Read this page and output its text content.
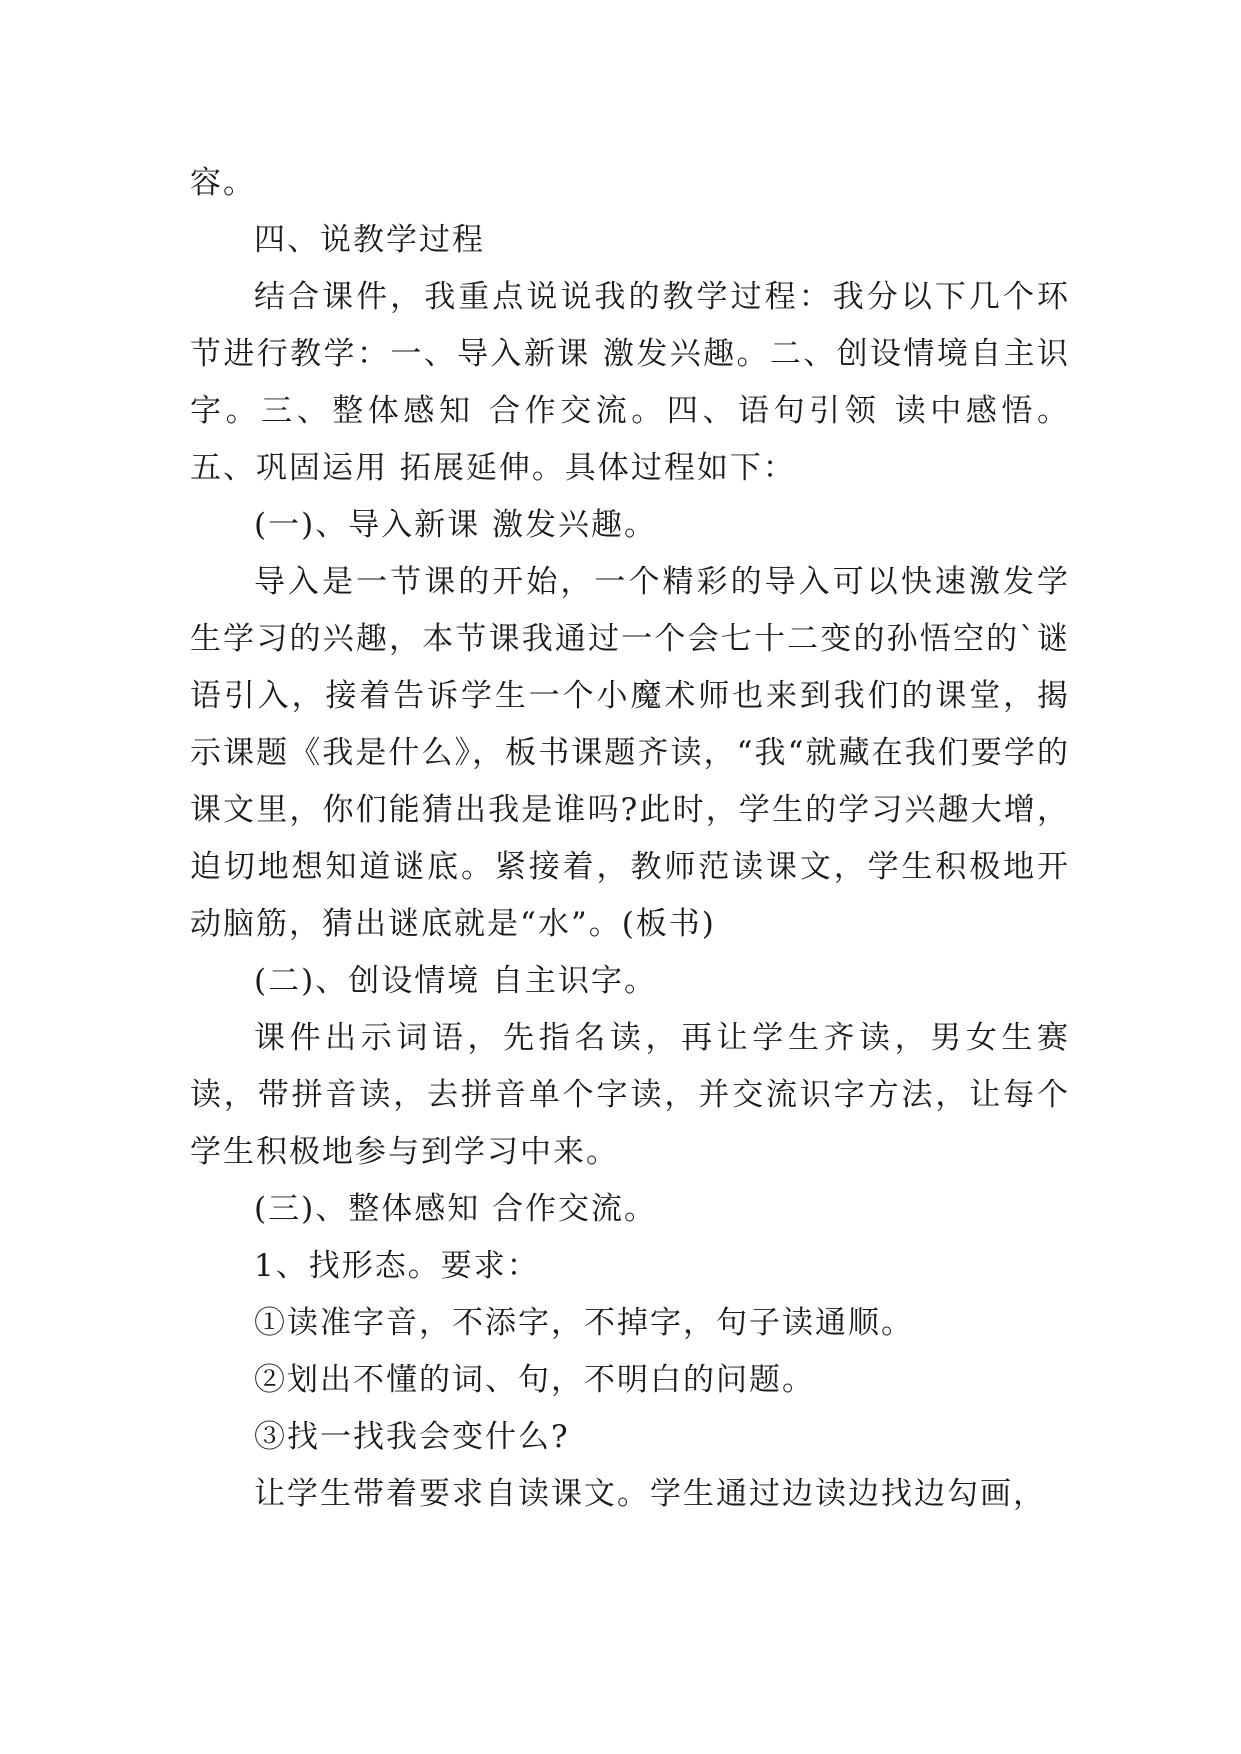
容。

四、说教学过程

结合课件，我重点说说我的教学过程：我分以下几个环节进行教学：一、导入新课 激发兴趣。二、创设情境自主识字。三、整体感知 合作交流。四、语句引领 读中感悟。五、巩固运用 拓展延伸。具体过程如下：

(一)、导入新课 激发兴趣。

导入是一节课的开始，一个精彩的导入可以快速激发学生学习的兴趣，本节课我通过一个会七十二变的孙悟空的`谜语引入，接着告诉学生一个小魔术师也来到我们的课堂，揭示课题《我是什么》，板书课题齐读，“我“就藏在我们要学的课文里，你们能猜出我是谁吗?此时，学生的学习兴趣大增，迫切地想知道谜底。紧接着，教师范读课文，学生积极地开动脑筋，猜出谜底就是“水”。(板书)

(二)、创设情境 自主识字。

课件出示词语，先指名读，再让学生齐读，男女生赛读，带拼音读，去拼音单个字读，并交流识字方法，让每个学生积极地参与到学习中来。

(三)、整体感知 合作交流。

1、找形态。要求：

①读准字音，不添字，不掉字，句子读通顺。

②划出不懂的词、句，不明白的问题。

③找一找我会变什么?

让学生带着要求自读课文。学生通过边读边找边勾画，
